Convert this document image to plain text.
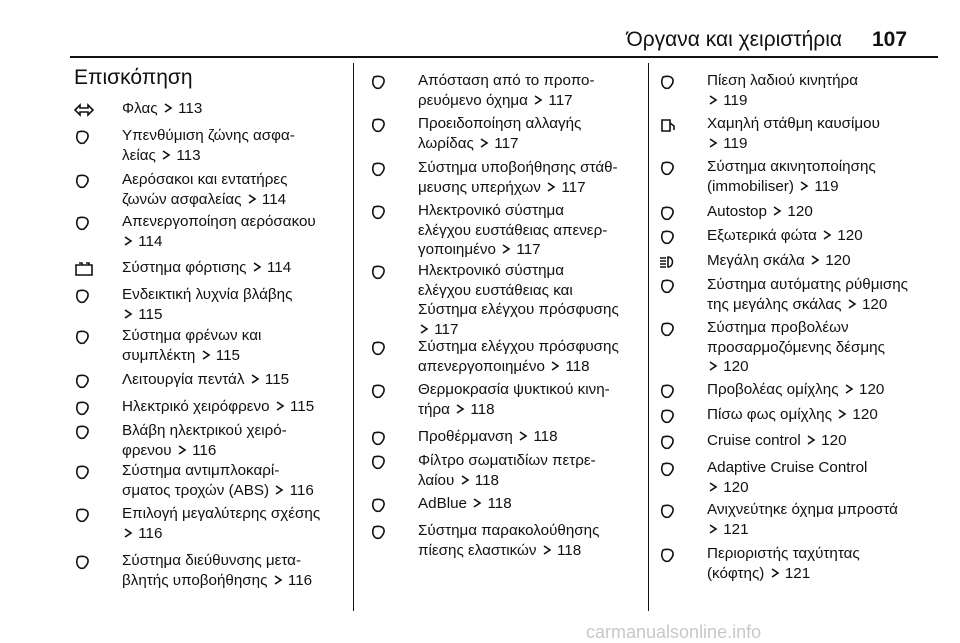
Όργανα και χειριστήρια 107
Επισκόπηση
Φλας 113
Υπενθύμιση ζώνης ασφα-
λείας 113
Αερόσακοι και εντατήρες
ζωνών ασφαλείας 114
Απενεργοποίηση αερόσακου
114
Σύστημα φόρτισης 114
Ενδεικτική λυχνία βλάβης
115
Σύστημα φρένων και
συμπλέκτη 115
Λειτουργία πεντάλ 115
Ηλεκτρικό χειρόφρενο 115
Βλάβη ηλεκτρικού χειρό-
φρενου 116
Σύστημα αντιμπλοκαρί-
σματος τροχών (ABS) 116
Επιλογή μεγαλύτερης σχέσης
116
Σύστημα διεύθυνσης μετα-
βλητής υποβοήθησης 116
Απόσταση από το προπο-
ρευόμενο όχημα 117
Προειδοποίηση αλλαγής
λωρίδας 117
Σύστημα υποβοήθησης στάθ-
μευσης υπερήχων 117
Ηλεκτρονικό σύστημα
ελέγχου ευστάθειας απενερ-
γοποιημένο 117
Ηλεκτρονικό σύστημα
ελέγχου ευστάθειας και
Σύστημα ελέγχου πρόσφυσης
117
Σύστημα ελέγχου πρόσφυσης
απενεργοποιημένο 118
Θερμοκρασία ψυκτικού κινη-
τήρα 118
Προθέρμανση 118
Φίλτρο σωματιδίων πετρε-
λαίου 118
AdBlue 118
Σύστημα παρακολούθησης
πίεσης ελαστικών 118
Πίεση λαδιού κινητήρα
119
Χαμηλή στάθμη καυσίμου
119
Σύστημα ακινητοποίησης
(immobiliser) 119
Autostop 120
Εξωτερικά φώτα 120
Μεγάλη σκάλα 120
Σύστημα αυτόματης ρύθμισης
της μεγάλης σκάλας 120
Σύστημα προβολέων
προσαρμοζόμενης δέσμης
120
Προβολέας ομίχλης 120
Πίσω φως ομίχλης 120
Cruise control 120
Adaptive Cruise Control
120
Ανιχνεύτηκε όχημα μπροστά
121
Περιοριστής ταχύτητας
(κόφτης) 121
carmanualsonline.info
